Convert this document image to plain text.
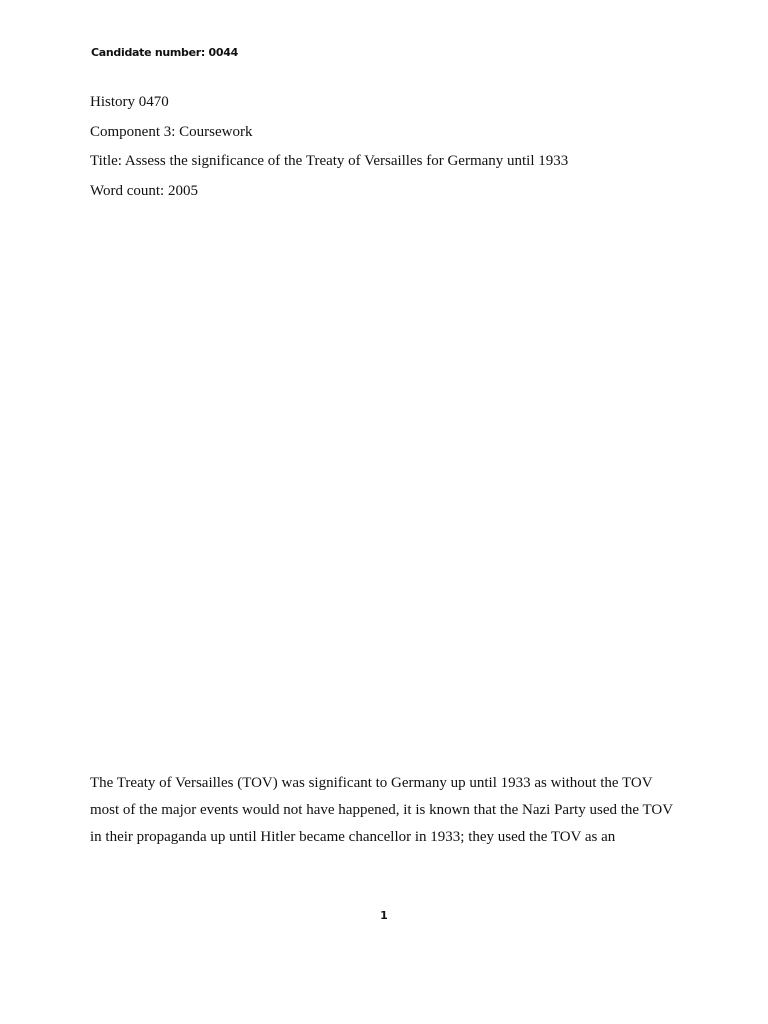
Candidate number: 0044
History 0470
Component 3: Coursework
Title: Assess the significance of the Treaty of Versailles for Germany until 1933
Word count: 2005
The Treaty of Versailles (TOV) was significant to Germany up until 1933 as without the TOV
most of the major events would not have happened, it is known that the Nazi Party used the TOV
in their propaganda up until Hitler became chancellor in 1933; they used the TOV as an
1
